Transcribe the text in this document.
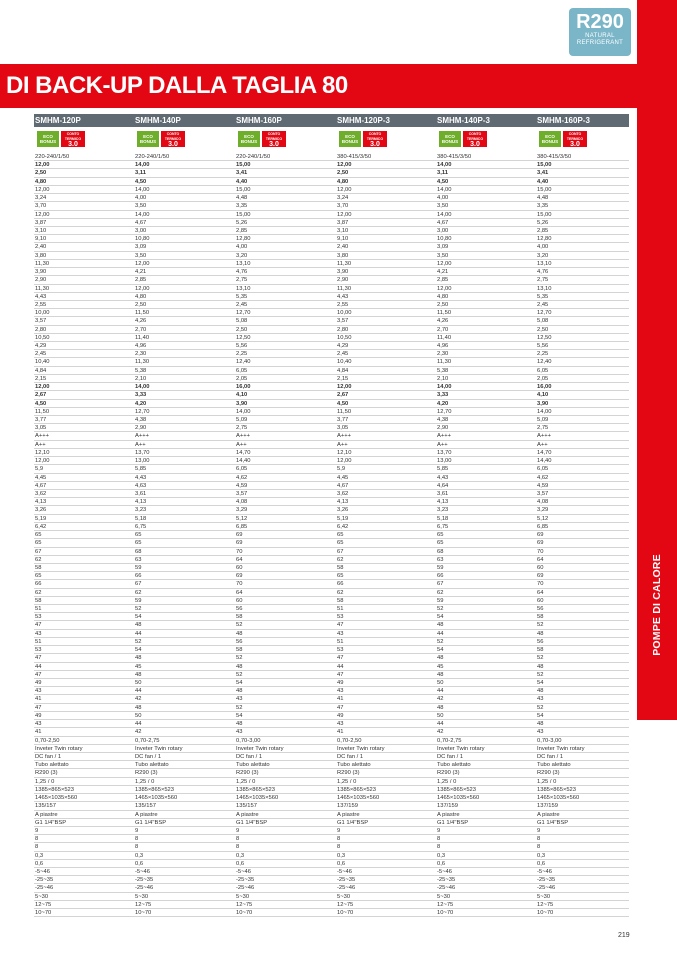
R290
NATURAL
REFRIGERANT
POMPE DI CALORE
DI BACK-UP DALLA TAGLIA 80
SMHM-120P	SMHM-140P	SMHM-160P	SMHM-120P-3	SMHM-140P-3	SMHM-160P-3
ECO
BONUS
CONTO
TERMICO
3.0
ECO
BONUS
CONTO
TERMICO
3.0
ECO
BONUS
CONTO
TERMICO
3.0
ECO
BONUS
CONTO
TERMICO
3.0
ECO
BONUS
CONTO
TERMICO
3.0
ECO
BONUS
CONTO
TERMICO
3.0
220-240/1/50	220-240/1/50	220-240/1/50	380-415/3/50	380-415/3/50	380-415/3/50
12,00	14,00	15,00	12,00	14,00	15,00
2,50	3,11	3,41	2,50	3,11	3,41
4,80	4,50	4,40	4,80	4,50	4,40
12,00	14,00	15,00	12,00	14,00	15,00
3,24	4,00	4,48	3,24	4,00	4,48
3,70	3,50	3,35	3,70	3,50	3,35
12,00	14,00	15,00	12,00	14,00	15,00
3,87	4,67	5,26	3,87	4,67	5,26
3,10	3,00	2,85	3,10	3,00	2,85
9,10	10,80	12,80	9,10	10,80	12,80
2,40	3,09	4,00	2,40	3,09	4,00
3,80	3,50	3,20	3,80	3,50	3,20
11,30	12,00	13,10	11,30	12,00	13,10
3,90	4,21	4,76	3,90	4,21	4,76
2,90	2,85	2,75	2,90	2,85	2,75
11,30	12,00	13,10	11,30	12,00	13,10
4,43	4,80	5,35	4,43	4,80	5,35
2,55	2,50	2,45	2,55	2,50	2,45
10,00	11,50	12,70	10,00	11,50	12,70
3,57	4,26	5,08	3,57	4,26	5,08
2,80	2,70	2,50	2,80	2,70	2,50
10,50	11,40	12,50	10,50	11,40	12,50
4,29	4,96	5,56	4,29	4,96	5,56
2,45	2,30	2,25	2,45	2,30	2,25
10,40	11,30	12,40	10,40	11,30	12,40
4,84	5,38	6,05	4,84	5,38	6,05
2,15	2,10	2,05	2,15	2,10	2,05
12,00	14,00	16,00	12,00	14,00	16,00
2,67	3,33	4,10	2,67	3,33	4,10
4,50	4,20	3,90	4,50	4,20	3,90
11,50	12,70	14,00	11,50	12,70	14,00
3,77	4,38	5,09	3,77	4,38	5,09
3,05	2,90	2,75	3,05	2,90	2,75
A+++	A+++	A+++	A+++	A+++	A+++
A++	A++	A++	A++	A++	A++
12,10	13,70	14,70	12,10	13,70	14,70
12,00	13,00	14,40	12,00	13,00	14,40
5,9	5,85	6,05	5,9	5,85	6,05
4,45	4,43	4,62	4,45	4,43	4,62
4,67	4,63	4,59	4,67	4,64	4,59
3,62	3,61	3,57	3,62	3,61	3,57
4,13	4,13	4,08	4,13	4,13	4,08
3,26	3,23	3,29	3,26	3,23	3,29
5,19	5,18	5,12	5,19	5,18	5,12
6,42	6,75	6,85	6,42	6,75	6,85
65	65	69	65	65	69
65	65	69	65	65	69
67	68	70	67	68	70
62	63	64	62	63	64
58	59	60	58	59	60
65	66	69	65	66	69
66	67	70	66	67	70
62	62	64	62	62	64
58	59	60	58	59	60
51	52	56	51	52	56
53	54	58	53	54	58
47	48	52	47	48	52
43	44	48	43	44	48
51	52	56	51	52	56
53	54	58	53	54	58
47	48	52	47	48	52
44	45	48	44	45	48
47	48	52	47	48	52
49	50	54	49	50	54
43	44	48	43	44	48
41	42	43	41	42	43
47	48	52	47	48	52
49	50	54	49	50	54
43	44	48	43	44	48
41	42	43	41	42	43
0,70-2,50	0,70-2,75	0,70-3,00	0,70-2,50	0,70-2,75	0,70-3,00
Inveter Twin rotary	Inveter Twin rotary	Inveter Twin rotary	Inveter Twin rotary	Inveter Twin rotary	Inveter Twin rotary
DC fan / 1	DC fan / 1	DC fan / 1	DC fan / 1	DC fan / 1	DC fan / 1
Tubo alettato	Tubo alettato	Tubo alettato	Tubo alettato	Tubo alettato	Tubo alettato
R290 (3)	R290 (3)	R290 (3)	R290 (3)	R290 (3)	R290 (3)
1,25 / 0	1,25 / 0	1,25 / 0	1,25 / 0	1,25 / 0	1,25 / 0
1385×865×523	1385×865×523	1385×865×523	1385×865×523	1385×865×523	1385×865×523
1465×1035×560	1465×1035×560	1465×1035×560	1465×1035×560	1465×1035×560	1465×1035×560
135/157	135/157	135/157	137/159	137/159	137/159
A piastre	A piastre	A piastre	A piastre	A piastre	A piastre
G1 1/4"BSP	G1 1/4"BSP	G1 1/4"BSP	G1 1/4"BSP	G1 1/4"BSP	G1 1/4"BSP
9	9	9	9	9	9
8	8	8	8	8	8
8	8	8	8	8	8
0,3	0,3	0,3	0,3	0,3	0,3
0,6	0,6	0,6	0,6	0,6	0,6
-5~46	-5~46	-5~46	-5~46	-5~46	-5~46
-25~35	-25~35	-25~35	-25~35	-25~35	-25~35
-25~46	-25~46	-25~46	-25~46	-25~46	-25~46
5~30	5~30	5~30	5~30	5~30	5~30
12~75	12~75	12~75	12~75	12~75	12~75
10~70	10~70	10~70	10~70	10~70	10~70
219
